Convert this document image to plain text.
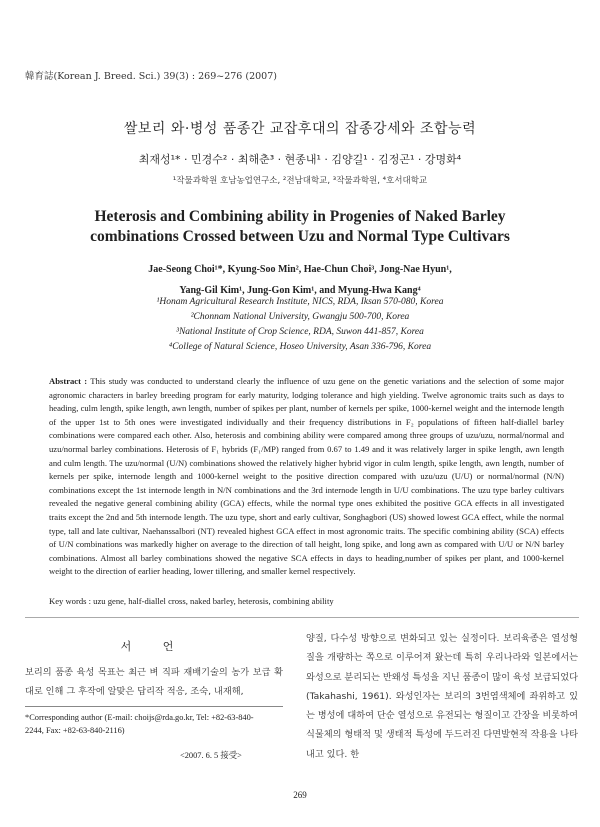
韓育誌(Korean J. Breed. Sci.) 39(3) : 269~276 (2007)
쌀보리 와·병성 품종간 교잡후대의 잡종강세와 조합능력
최재성¹* · 민경수² · 최해춘³ · 현종내¹ · 김양길¹ · 김정곤¹ · 강명화⁴
¹작물과학원 호남농업연구소, ²전남대학교, ³작물과학원, ⁴호서대학교
Heterosis and Combining ability in Progenies of Naked Barley
combinations Crossed between Uzu and Normal Type Cultivars
Jae-Seong Choi¹*, Kyung-Soo Min², Hae-Chun Choi³, Jong-Nae Hyun¹,
Yang-Gil Kim¹, Jung-Gon Kim¹, and Myung-Hwa Kang⁴
¹Honam Agricultural Research Institute, NICS, RDA, Iksan 570-080, Korea
²Chonnam National University, Gwangju 500-700, Korea
³National Institute of Crop Science, RDA, Suwon 441-857, Korea
⁴College of Natural Science, Hoseo University, Asan 336-796, Korea
Abstract : This study was conducted to understand clearly the influence of uzu gene on the genetic variations and the selection of some major agronomic characters in barley breeding program for early maturity, lodging tolerance and high yielding. Twelve agronomic traits such as days to heading, culm length, spike length, awn length, number of spikes per plant, number of kernels per spike, 1000-kernel weight and the internode length of the upper 1st to 5th ones were investigated individually and their frequency distributions in F₂ populations of fifteen half-diallel barley combinations were compared each other. Also, heterosis and combining ability were compared among three groups of uzu/uzu, normal/normal and uzu/normal barley combinations. Heterosis of F₁ hybrids (F₁/MP) ranged from 0.67 to 1.49 and it was relatively larger in spike length, awn length and culm length. The uzu/normal (U/N) combinations showed the relatively higher hybrid vigor in culm length, spike length, awn length, number of kernels per spike, internode length and 1000-kernel weight to the positive direction compared with uzu/uzu (U/U) or normal/normal (N/N) combinations except the 1st internode length in N/N combinations and the 3rd internode length in U/U combinations. The uzu type barley cultivars revealed the negative general combining ability (GCA) effects, while the normal type ones exhibited the positive GCA effects in all investigated traits except the 2nd and 5th internode length. The uzu type, short and early cultivar, Songhagbori (US) showed lowest GCA effect, while the normal type, tall and late cultivar, Naehanssalbori (NT) revealed highest GCA effect in most agronomic traits. The specific combining ability (SCA) effects of U/N combinations was markedly higher on average to the direction of tall height, long spike, and long awn as compared with U/U or N/N barley combinations. Almost all barley combinations showed the negative SCA effects in days to heading,number of spikes per plant, and 1000-kernel weight to the direction of earlier heading, lower tillering, and smaller kernel respectively.
Key words : uzu gene, half-diallel cross, naked barley, heterosis, combining ability
서 언
보리의 품종 육성 목표는 최근 벼 직파 재배기술의 농가 보급 확대로 인해 그 후작에 알맞은 답리작 적응, 조숙, 내재해,
양질, 다수성 방향으로 변화되고 있는 실정이다. 보리육종은 열성형질을 개량하는 쪽으로 이루어져 왔는데 특히 우리나라와 일본에서는 와성으로 분리되는 반왜성 특성을 지닌 품종이 많이 육성 보급되었다(Takahashi, 1961). 와성인자는 보리의 3번염색체에 좌위하고 있는 병성에 대하여 단순 열성으로 유전되는 형질이고 간장을 비롯하여 식물체의 형태적 및 생태적 특성에 두드러진 다면발현적 작용을 나타내고 있다. 한
*Corresponding author (E-mail: choijs@rda.go.kr, Tel: +82-63-840-
2244, Fax: +82-63-840-2116)
<2007. 6. 5 接受>
269
